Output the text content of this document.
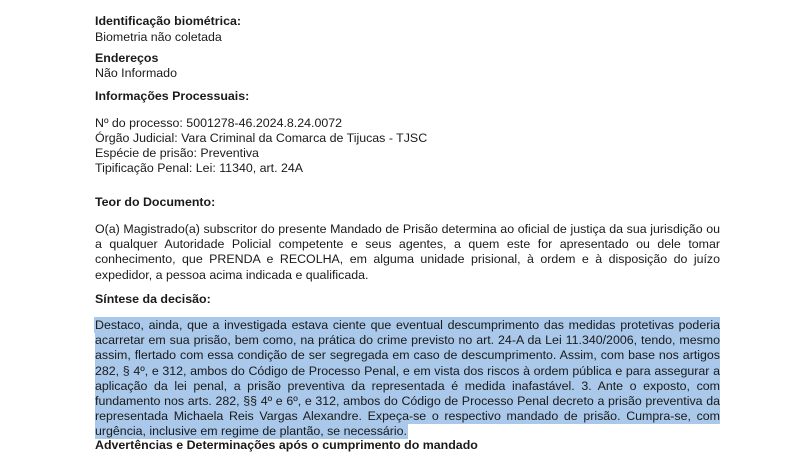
Identificação biométrica:
Biometria não coletada
Endereços
Não Informado
Informações Processuais:
Nº do processo: 5001278-46.2024.8.24.0072
Órgão Judicial: Vara Criminal da Comarca de Tijucas - TJSC
Espécie de prisão: Preventiva
Tipificação Penal: Lei: 11340, art. 24A
Teor do Documento:
O(a) Magistrado(a) subscritor do presente Mandado de Prisão determina ao oficial de justiça da sua jurisdição ou a qualquer Autoridade Policial competente e seus agentes, a quem este for apresentado ou dele tomar conhecimento, que PRENDA e RECOLHA, em alguma unidade prisional, à ordem e à disposição do juízo expedidor, a pessoa acima indicada e qualificada.
Síntese da decisão:
Destaco, ainda, que a investigada estava ciente que eventual descumprimento das medidas protetivas poderia acarretar em sua prisão, bem como, na prática do crime previsto no art. 24-A da Lei 11.340/2006, tendo, mesmo assim, flertado com essa condição de ser segregada em caso de descumprimento. Assim, com base nos artigos 282, § 4º, e 312, ambos do Código de Processo Penal, e em vista dos riscos à ordem pública e para assegurar a aplicação da lei penal, a prisão preventiva da representada é medida inafastável. 3. Ante o exposto, com fundamento nos arts. 282, §§ 4º e 6º, e 312, ambos do Código de Processo Penal decreto a prisão preventiva da representada Michaela Reis Vargas Alexandre. Expeça-se o respectivo mandado de prisão. Cumpra-se, com urgência, inclusive em regime de plantão, se necessário.
Advertências e Determinações após o cumprimento do mandado
